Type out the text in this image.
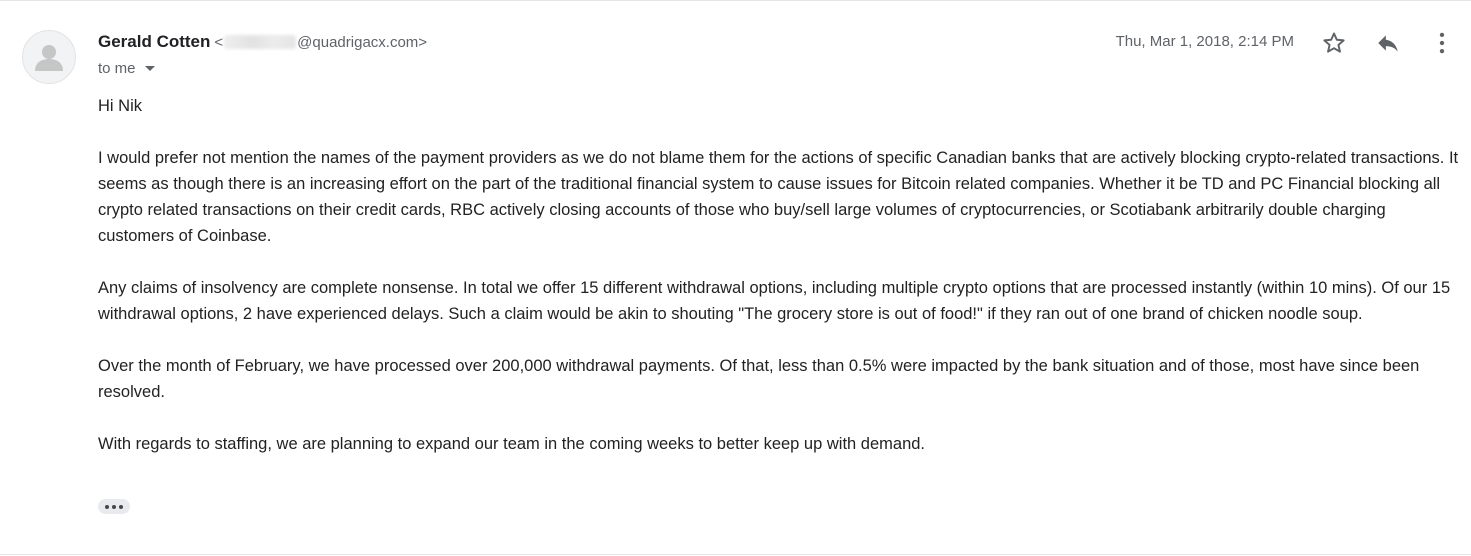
Gerald Cotten <	@quadrigacx.com>
to me
Thu, Mar 1, 2018, 2:14 PM

Hi Nik

I would prefer not mention the names of the payment providers as we do not blame them for the actions of specific Canadian banks that are actively blocking crypto-related transactions. It seems as though there is an increasing effort on the part of the traditional financial system to cause issues for Bitcoin related companies. Whether it be TD and PC Financial blocking all crypto related transactions on their credit cards, RBC actively closing accounts of those who buy/sell large volumes of cryptocurrencies, or Scotiabank arbitrarily double charging customers of Coinbase.

Any claims of insolvency are complete nonsense. In total we offer 15 different withdrawal options, including multiple crypto options that are processed instantly (within 10 mins). Of our 15 withdrawal options, 2 have experienced delays. Such a claim would be akin to shouting "The grocery store is out of food!" if they ran out of one brand of chicken noodle soup.

Over the month of February, we have processed over 200,000 withdrawal payments. Of that, less than 0.5% were impacted by the bank situation and of those, most have since been resolved.

With regards to staffing, we are planning to expand our team in the coming weeks to better keep up with demand.
